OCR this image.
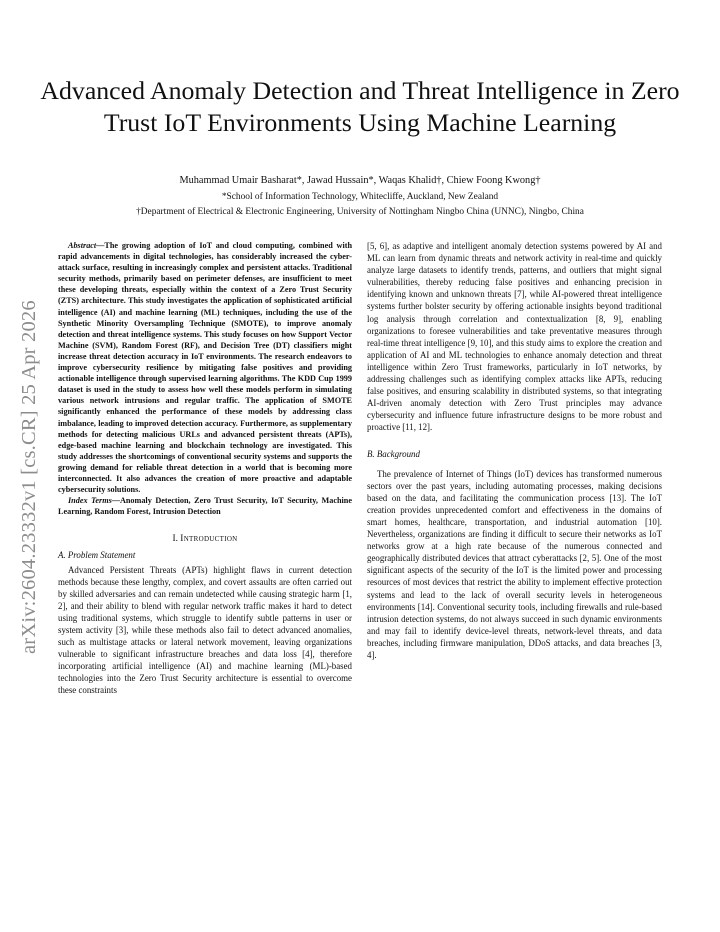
arXiv:2604.23332v1 [cs.CR] 25 Apr 2026
Advanced Anomaly Detection and Threat Intelligence in Zero Trust IoT Environments Using Machine Learning
Muhammad Umair Basharat*, Jawad Hussain*, Waqas Khalid†, Chiew Foong Kwong†
*School of Information Technology, Whitecliffe, Auckland, New Zealand
†Department of Electrical & Electronic Engineering, University of Nottingham Ningbo China (UNNC), Ningbo, China

Abstract—The growing adoption of IoT and cloud computing, combined with rapid advancements in digital technologies, has considerably increased the cyber-attack surface, resulting in increasingly complex and persistent attacks. Traditional security methods, primarily based on perimeter defenses, are insufficient to meet these developing threats, especially within the context of a Zero Trust Security (ZTS) architecture. This study investigates the application of sophisticated artificial intelligence (AI) and machine learning (ML) techniques, including the use of the Synthetic Minority Oversampling Technique (SMOTE), to improve anomaly detection and threat intelligence systems. This study focuses on how Support Vector Machine (SVM), Random Forest (RF), and Decision Tree (DT) classifiers might increase threat detection accuracy in IoT environments. The research endeavors to improve cybersecurity resilience by mitigating false positives and providing actionable intelligence through supervised learning algorithms. The KDD Cup 1999 dataset is used in the study to assess how well these models perform in simulating various network intrusions and regular traffic. The application of SMOTE significantly enhanced the performance of these models by addressing class imbalance, leading to improved detection accuracy. Furthermore, as supplementary methods for detecting malicious URLs and advanced persistent threats (APTs), edge-based machine learning and blockchain technology are investigated. This study addresses the shortcomings of conventional security systems and supports the growing demand for reliable threat detection in a world that is becoming more interconnected. It also advances the creation of more proactive and adaptable cybersecurity solutions.

Index Terms—Anomaly Detection, Zero Trust Security, IoT Security, Machine Learning, Random Forest, Intrusion Detection

I. Introduction
A. Problem Statement

Advanced Persistent Threats (APTs) highlight flaws in current detection methods because these lengthy, complex, and covert assaults are often carried out by skilled adversaries and can remain undetected while causing strategic harm [1, 2], and their ability to blend with regular network traffic makes it hard to detect using traditional systems, which struggle to identify subtle patterns in user or system activity [3], while these methods also fail to detect advanced anomalies, such as multistage attacks or lateral network movement, leaving organizations vulnerable to significant infrastructure breaches and data loss [4], therefore incorporating artificial intelligence (AI) and machine learning (ML)-based technologies into the Zero Trust Security architecture is essential to overcome these constraints

[5, 6], as adaptive and intelligent anomaly detection systems powered by AI and ML can learn from dynamic threats and network activity in real-time and quickly analyze large datasets to identify trends, patterns, and outliers that might signal vulnerabilities, thereby reducing false positives and enhancing precision in identifying known and unknown threats [7], while AI-powered threat intelligence systems further bolster security by offering actionable insights beyond traditional log analysis through correlation and contextualization [8, 9], enabling organizations to foresee vulnerabilities and take preventative measures through real-time threat intelligence [9, 10], and this study aims to explore the creation and application of AI and ML technologies to enhance anomaly detection and threat intelligence within Zero Trust frameworks, particularly in IoT networks, by addressing challenges such as identifying complex attacks like APTs, reducing false positives, and ensuring scalability in distributed systems, so that integrating AI-driven anomaly detection with Zero Trust principles may advance cybersecurity and influence future infrastructure designs to be more robust and proactive [11, 12].

B. Background

The prevalence of Internet of Things (IoT) devices has transformed numerous sectors over the past years, including automating processes, making decisions based on the data, and facilitating the communication process [13]. The IoT creation provides unprecedented comfort and effectiveness in the domains of smart homes, healthcare, transportation, and industrial automation [10]. Nevertheless, organizations are finding it difficult to secure their networks as IoT networks grow at a high rate because of the numerous connected and geographically distributed devices that attract cyberattacks [2, 5]. One of the most significant aspects of the security of the IoT is the limited power and processing resources of most devices that restrict the ability to implement effective protection systems and lead to the lack of overall security levels in heterogeneous environments [14]. Conventional security tools, including firewalls and rule-based intrusion detection systems, do not always succeed in such dynamic environments and may fail to identify device-level threats, network-level threats, and data breaches, including firmware manipulation, DDoS attacks, and data breaches [3, 4].
